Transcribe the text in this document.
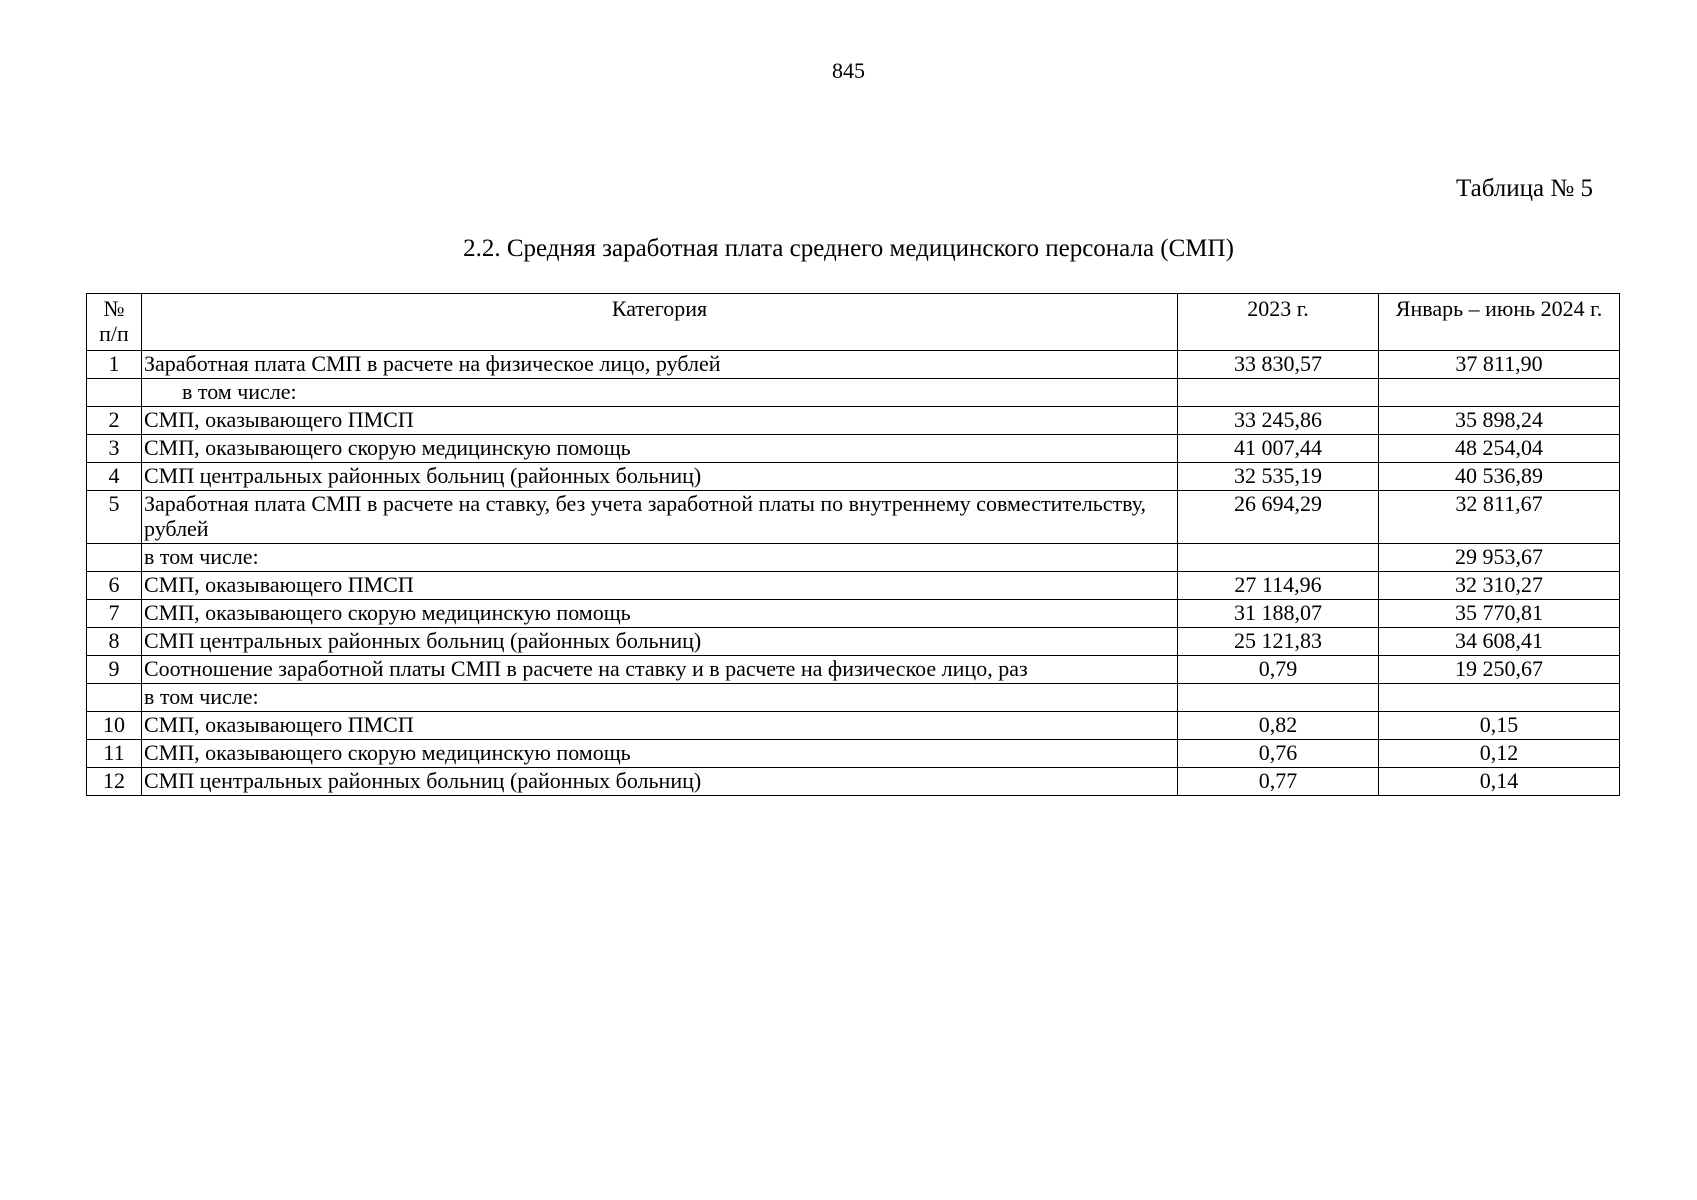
845
Таблица № 5
2.2. Средняя заработная плата среднего медицинского персонала (СМП)
№
п/п	Категория	2023 г.	Январь – июнь 2024 г.
1	Заработная плата СМП в расчете на физическое лицо, рублей	33 830,57	37 811,90
	в том числе:		
2	СМП, оказывающего ПМСП	33 245,86	35 898,24
3	СМП, оказывающего скорую медицинскую помощь	41 007,44	48 254,04
4	СМП центральных районных больниц (районных больниц)	32 535,19	40 536,89
5	Заработная плата СМП в расчете на ставку, без учета заработной платы по внутреннему совместительству, рублей	26 694,29	32 811,67
	в том числе:		29 953,67
6	СМП, оказывающего ПМСП	27 114,96	32 310,27
7	СМП, оказывающего скорую медицинскую помощь	31 188,07	35 770,81
8	СМП центральных районных больниц (районных больниц)	25 121,83	34 608,41
9	Соотношение заработной платы СМП в расчете на ставку и в расчете на физическое лицо, раз	0,79	19 250,67
	в том числе:		
10	СМП, оказывающего ПМСП	0,82	0,15
11	СМП, оказывающего скорую медицинскую помощь	0,76	0,12
12	СМП центральных районных больниц (районных больниц)	0,77	0,14
